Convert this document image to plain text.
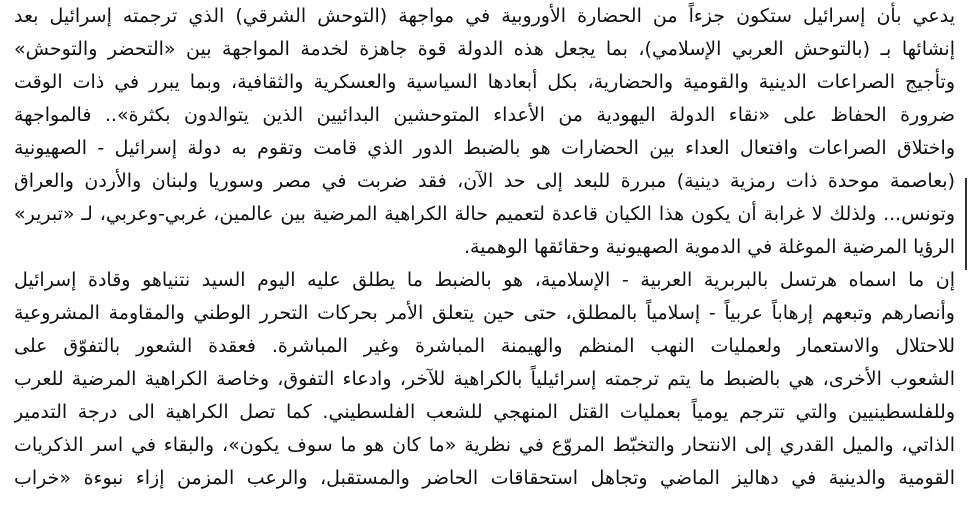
يدعي بأن إسرائيل ستكون جزءاً من الحضارة الأوروبية في مواجهة (التوحش الشرقي) الذي ترجمته إسرائيل بعد

إنشائها بـ (بالتوحش العربي الإسلامي)، بما يجعل هذه الدولة قوة جاهزة لخدمة المواجهة بين «التحضر والتوحش»

وتأجيج الصراعات الدينية والقومية والحضارية، بكل أبعادها السياسية والعسكرية والثقافية، وبما يبرر في ذات الوقت

ضرورة الحفاظ على «نقاء الدولة اليهودية من الأعداء المتوحشين البدائيين الذين يتوالدون بكثرة».. فالمواجهة

واختلاق الصراعات وافتعال العداء بين الحضارات هو بالضبط الدور الذي قامت وتقوم به دولة إسرائيل - الصهيونية

(بعاصمة موحدة ذات رمزية دينية) مبررة للبعد إلى حد الآن، فقد ضربت في مصر وسوريا ولبنان والأردن والعراق

وتونس... ولذلك لا غرابة أن يكون هذا الكيان قاعدة لتعميم حالة الكراهية المرضية بين عالمين، غربي-وعربي، لـ «تبرير»

الرؤيا المرضية الموغلة في الدموية الصهيونية وحقائقها الوهمية.

إن ما اسماه هرتسل بالبربرية العربية - الإسلامية، هو بالضبط ما يطلق عليه اليوم السيد نتنياهو وقادة إسرائيل

وأنصارهم وتبعهم إرهاباً عربياً - إسلامياً بالمطلق، حتى حين يتعلق الأمر بحركات التحرر الوطني والمقاومة المشروعية

للاحتلال والاستعمار ولعمليات النهب المنظم والهيمنة المباشرة وغير المباشرة. فعقدة الشعور بالتفوّق على

الشعوب الأخرى، هي بالضبط ما يتم ترجمته إسرائيلياً بالكراهية للآخر، وادعاء التفوق، وخاصة الكراهية المرضية للعرب

وللفلسطينيين والتي تترجم يومياً بعمليات القتل المنهجي للشعب الفلسطيني. كما تصل الكراهية الى درجة التدمير

الذاتي، والميل القدري إلى الانتحار والتخبّط المروّع في نظرية «ما كان هو ما سوف يكون»، والبقاء في اسر الذكريات

القومية والدينية في دهاليز الماضي وتجاهل استحقاقات الحاضر والمستقبل، والرعب المزمن إزاء نبوءة «خراب
